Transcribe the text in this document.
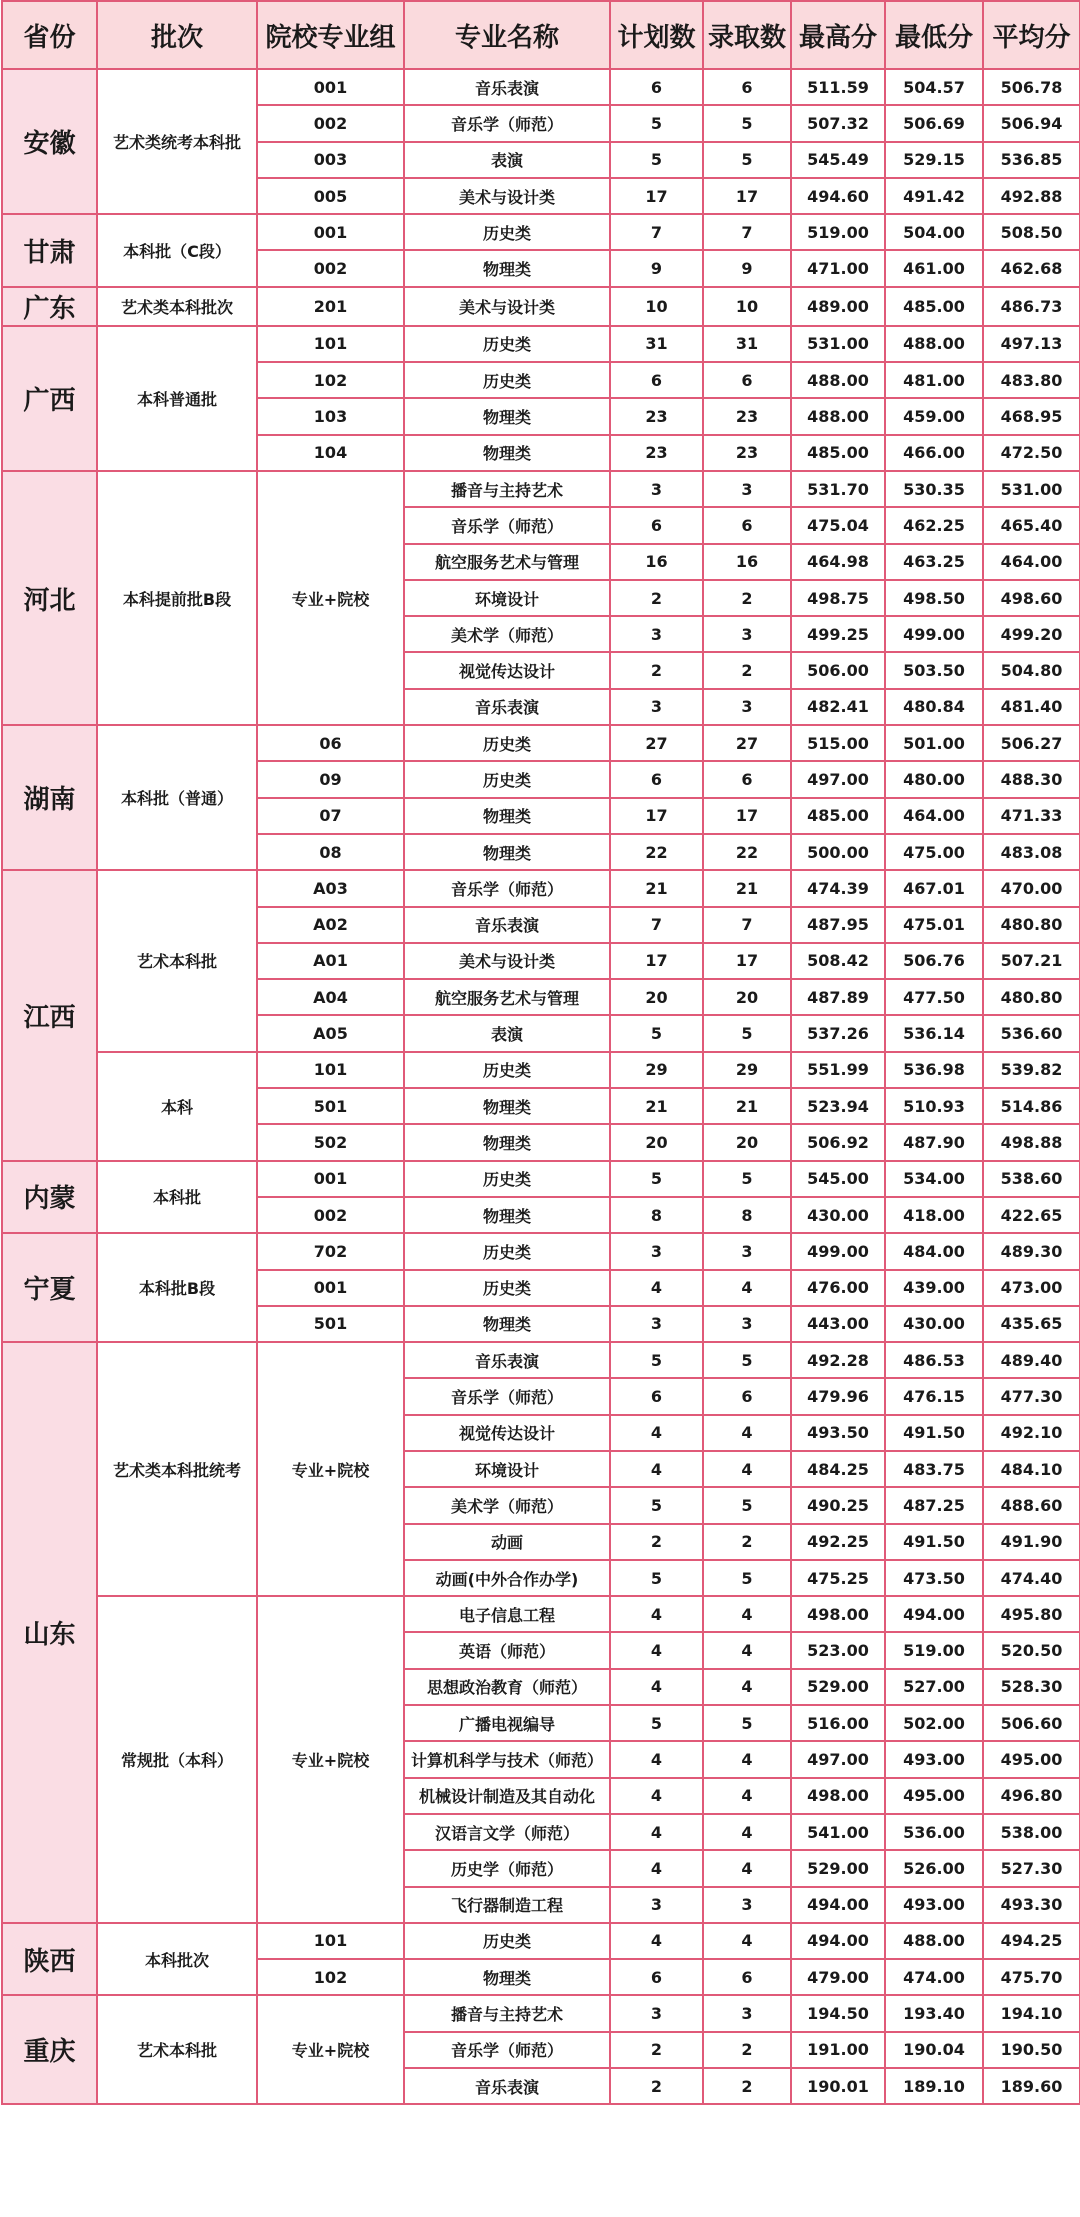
省份	批次	院校专业组	专业名称	计划数	录取数	最高分	最低分	平均分
安徽	艺术类统考本科批	001	音乐表演	6	6	511.59	504.57	506.78
		002	音乐学（师范）	5	5	507.32	506.69	506.94
		003	表演	5	5	545.49	529.15	536.85
		005	美术与设计类	17	17	494.60	491.42	492.88
甘肃	本科批（C段）	001	历史类	7	7	519.00	504.00	508.50
		002	物理类	9	9	471.00	461.00	462.68
广东	艺术类本科批次	201	美术与设计类	10	10	489.00	485.00	486.73
广西	本科普通批	101	历史类	31	31	531.00	488.00	497.13
		102	历史类	6	6	488.00	481.00	483.80
		103	物理类	23	23	488.00	459.00	468.95
		104	物理类	23	23	485.00	466.00	472.50
河北	本科提前批B段	专业+院校	播音与主持艺术	3	3	531.70	530.35	531.00
			音乐学（师范）	6	6	475.04	462.25	465.40
			航空服务艺术与管理	16	16	464.98	463.25	464.00
			环境设计	2	2	498.75	498.50	498.60
			美术学（师范）	3	3	499.25	499.00	499.20
			视觉传达设计	2	2	506.00	503.50	504.80
			音乐表演	3	3	482.41	480.84	481.40
湖南	本科批（普通）	06	历史类	27	27	515.00	501.00	506.27
		09	历史类	6	6	497.00	480.00	488.30
		07	物理类	17	17	485.00	464.00	471.33
		08	物理类	22	22	500.00	475.00	483.08
江西	艺术本科批	A03	音乐学（师范）	21	21	474.39	467.01	470.00
		A02	音乐表演	7	7	487.95	475.01	480.80
		A01	美术与设计类	17	17	508.42	506.76	507.21
		A04	航空服务艺术与管理	20	20	487.89	477.50	480.80
		A05	表演	5	5	537.26	536.14	536.60
	本科	101	历史类	29	29	551.99	536.98	539.82
		501	物理类	21	21	523.94	510.93	514.86
		502	物理类	20	20	506.92	487.90	498.88
内蒙	本科批	001	历史类	5	5	545.00	534.00	538.60
		002	物理类	8	8	430.00	418.00	422.65
宁夏	本科批B段	702	历史类	3	3	499.00	484.00	489.30
		001	历史类	4	4	476.00	439.00	473.00
		501	物理类	3	3	443.00	430.00	435.65
山东	艺术类本科批统考	专业+院校	音乐表演	5	5	492.28	486.53	489.40
			音乐学（师范）	6	6	479.96	476.15	477.30
			视觉传达设计	4	4	493.50	491.50	492.10
			环境设计	4	4	484.25	483.75	484.10
			美术学（师范）	5	5	490.25	487.25	488.60
			动画	2	2	492.25	491.50	491.90
			动画(中外合作办学)	5	5	475.25	473.50	474.40
	常规批（本科）	专业+院校	电子信息工程	4	4	498.00	494.00	495.80
			英语（师范）	4	4	523.00	519.00	520.50
			思想政治教育（师范）	4	4	529.00	527.00	528.30
			广播电视编导	5	5	516.00	502.00	506.60
			计算机科学与技术（师范）	4	4	497.00	493.00	495.00
			机械设计制造及其自动化	4	4	498.00	495.00	496.80
			汉语言文学（师范）	4	4	541.00	536.00	538.00
			历史学（师范）	4	4	529.00	526.00	527.30
			飞行器制造工程	3	3	494.00	493.00	493.30
陕西	本科批次	101	历史类	4	4	494.00	488.00	494.25
		102	物理类	6	6	479.00	474.00	475.70
重庆	艺术本科批	专业+院校	播音与主持艺术	3	3	194.50	193.40	194.10
			音乐学（师范）	2	2	191.00	190.04	190.50
			音乐表演	2	2	190.01	189.10	189.60
